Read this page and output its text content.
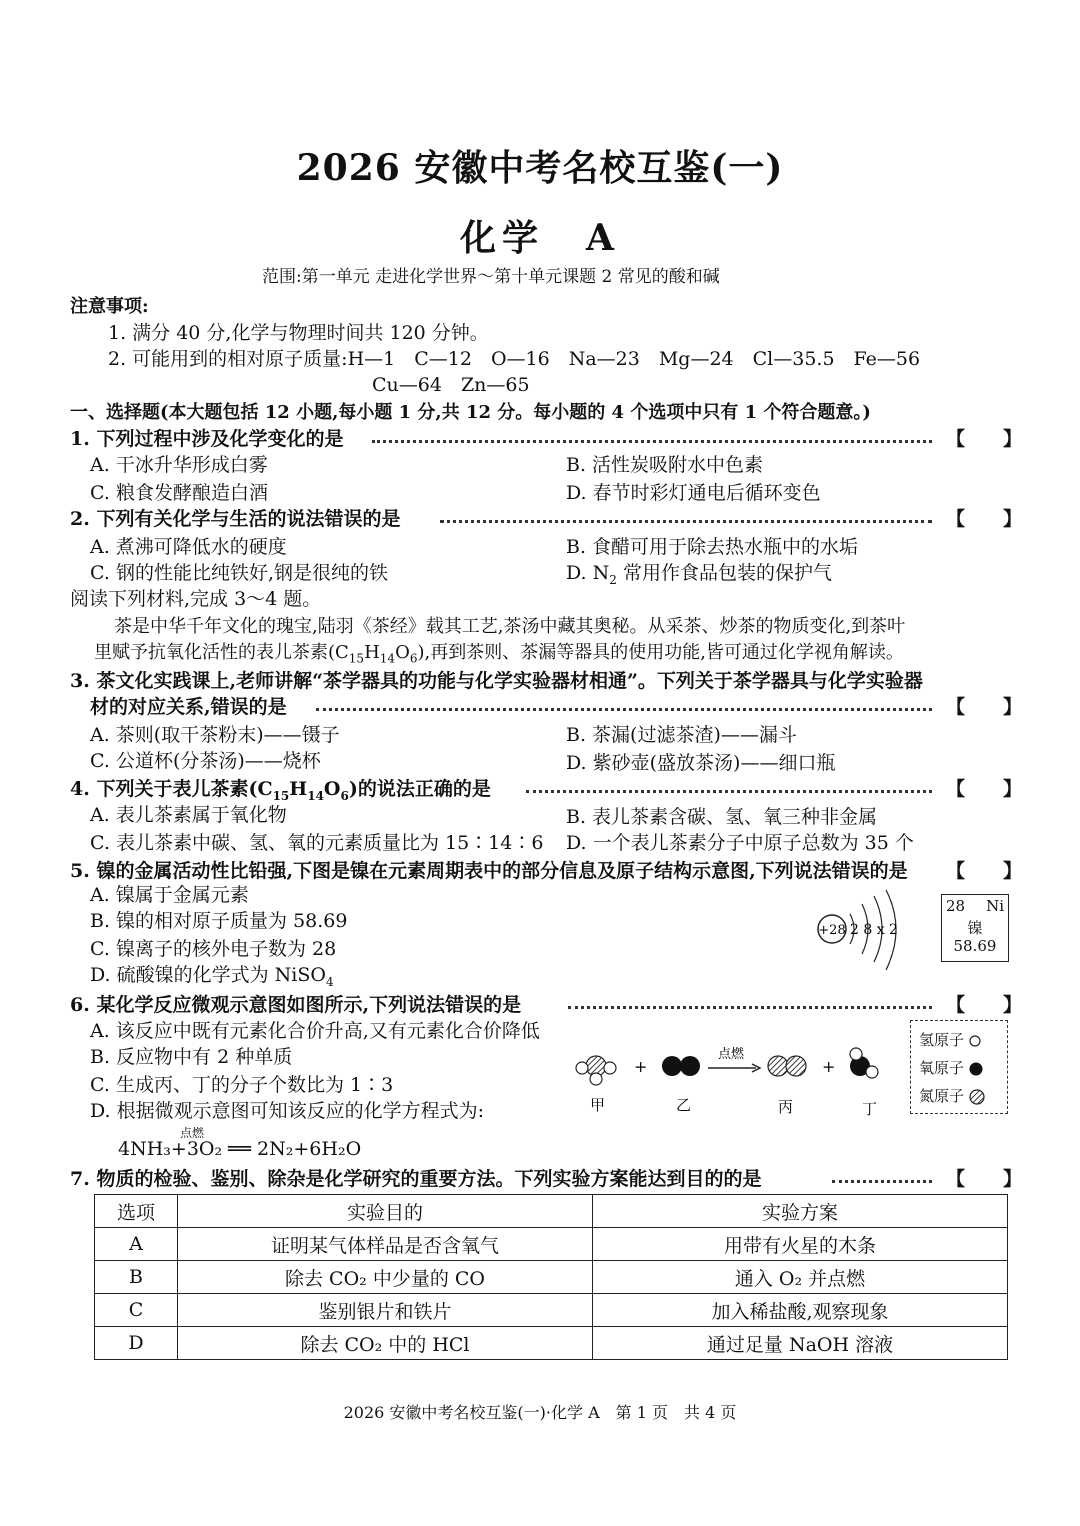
2026 安徽中考名校互鉴(一)
化学　A
范围:第一单元 走进化学世界～第十单元课题 2 常见的酸和碱
注意事项:
1. 满分 40 分,化学与物理时间共 120 分钟。
2. 可能用到的相对原子质量:H—1　C—12　O—16　Na—23　Mg—24　Cl—35.5　Fe—56
Cu—64　Zn—65
一、选择题(本大题包括 12 小题,每小题 1 分,共 12 分。每小题的 4 个选项中只有 1 个符合题意。)
1. 下列过程中涉及化学变化的是	【　　】
A. 干冰升华形成白雾	B. 活性炭吸附水中色素
C. 粮食发酵酿造白酒	D. 春节时彩灯通电后循环变色
2. 下列有关化学与生活的说法错误的是	【　　】
A. 煮沸可降低水的硬度	B. 食醋可用于除去热水瓶中的水垢
C. 钢的性能比纯铁好,钢是很纯的铁	D. $N_2$ 常用作食品包装的保护气
阅读下列材料,完成 3～4 题。
茶是中华千年文化的瑰宝,陆羽《茶经》载其工艺,茶汤中藏其奥秘。从采茶、炒茶的物质变化,到茶叶
里赋予抗氧化活性的表儿茶素$(C_{15}H_{14}O_6)$,再到茶则、茶漏等器具的使用功能,皆可通过化学视角解读。
3. 茶文化实践课上,老师讲解“茶学器具的功能与化学实验器材相通”。下列关于茶学器具与化学实验器
材的对应关系,错误的是	【　　】
A. 茶则(取干茶粉末)——镊子	B. 茶漏(过滤茶渣)——漏斗
C. 公道杯(分茶汤)——烧杯	D. 紫砂壶(盛放茶汤)——细口瓶
4. 下列关于表儿茶素$(C_{15}H_{14}O_6)$的说法正确的是	【　　】
A. 表儿茶素属于氧化物	B. 表儿茶素含碳、氢、氧三种非金属
C. 表儿茶素中碳、氢、氧的元素质量比为 15∶14∶6 D. 一个表儿茶素分子中原子总数为 35 个
5. 镍的金属活动性比铅强,下图是镍在元素周期表中的部分信息及原子结构示意图,下列说法错误的是 【　　】
A. 镍属于金属元素
B. 镍的相对原子质量为 58.69
C. 镍离子的核外电子数为 28
D. 硫酸镍的化学式为 NiSO$_4$
+28 2 8 x 2
28 Ni
镍
58.69
6. 某化学反应微观示意图如图所示,下列说法错误的是	【　　】
A. 该反应中既有元素化合价升高,又有元素化合价降低
B. 反应物中有 2 种单质
C. 生成丙、丁的分子个数比为 1∶3
D. 根据微观示意图可知该反应的化学方程式为:
点燃
4NH₃+3O₂ ══ 2N₂+6H₂O
+
点燃
+
甲	乙	丙	丁
氢原子
氧原子
氮原子
7. 物质的检验、鉴别、除杂是化学研究的重要方法。下列实验方案能达到目的的是	【　　】
选项	实验目的	实验方案
A	证明某气体样品是否含氧气	用带有火星的木条
B	除去 CO₂ 中少量的 CO	通入 O₂ 并点燃
C	鉴别银片和铁片	加入稀盐酸,观察现象
D	除去 CO₂ 中的 HCl	通过足量 NaOH 溶液
2026 安徽中考名校互鉴(一)·化学 A　第 1 页　共 4 页
